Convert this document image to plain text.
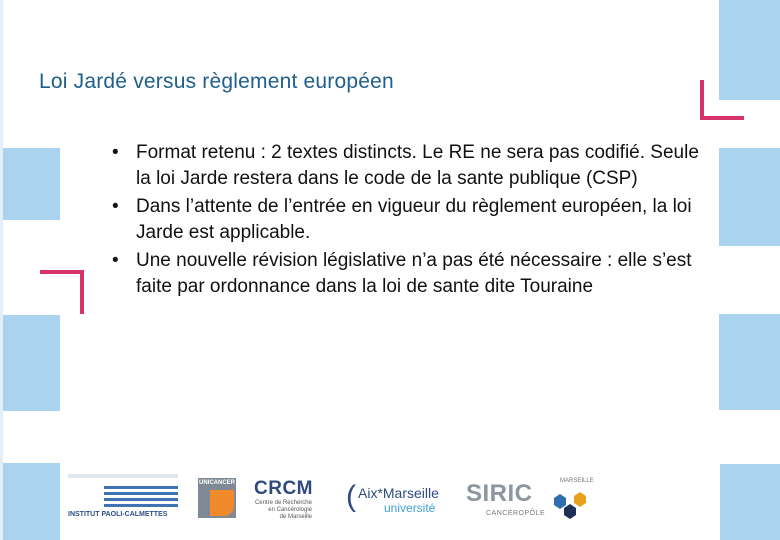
Loi Jardé versus règlement européen
• Format retenu : 2 textes distincts. Le RE ne sera pas codifié. Seule la loi Jarde restera dans le code de la sante publique (CSP)
• Dans l’attente de l’entrée en vigueur du règlement européen, la loi Jarde est applicable.
• Une nouvelle révision législative n’a pas été nécessaire : elle s’est faite par ordonnance dans la loi de sante dite Touraine
INSTITUT PAOLI-CALMETTES
UNICANCER CRCM
Centre de Recherche
en Cancérologie
de Marseille
( Aix*Marseille
université
SIRIC
CANCÉROPÔLE
MARSEILLE
